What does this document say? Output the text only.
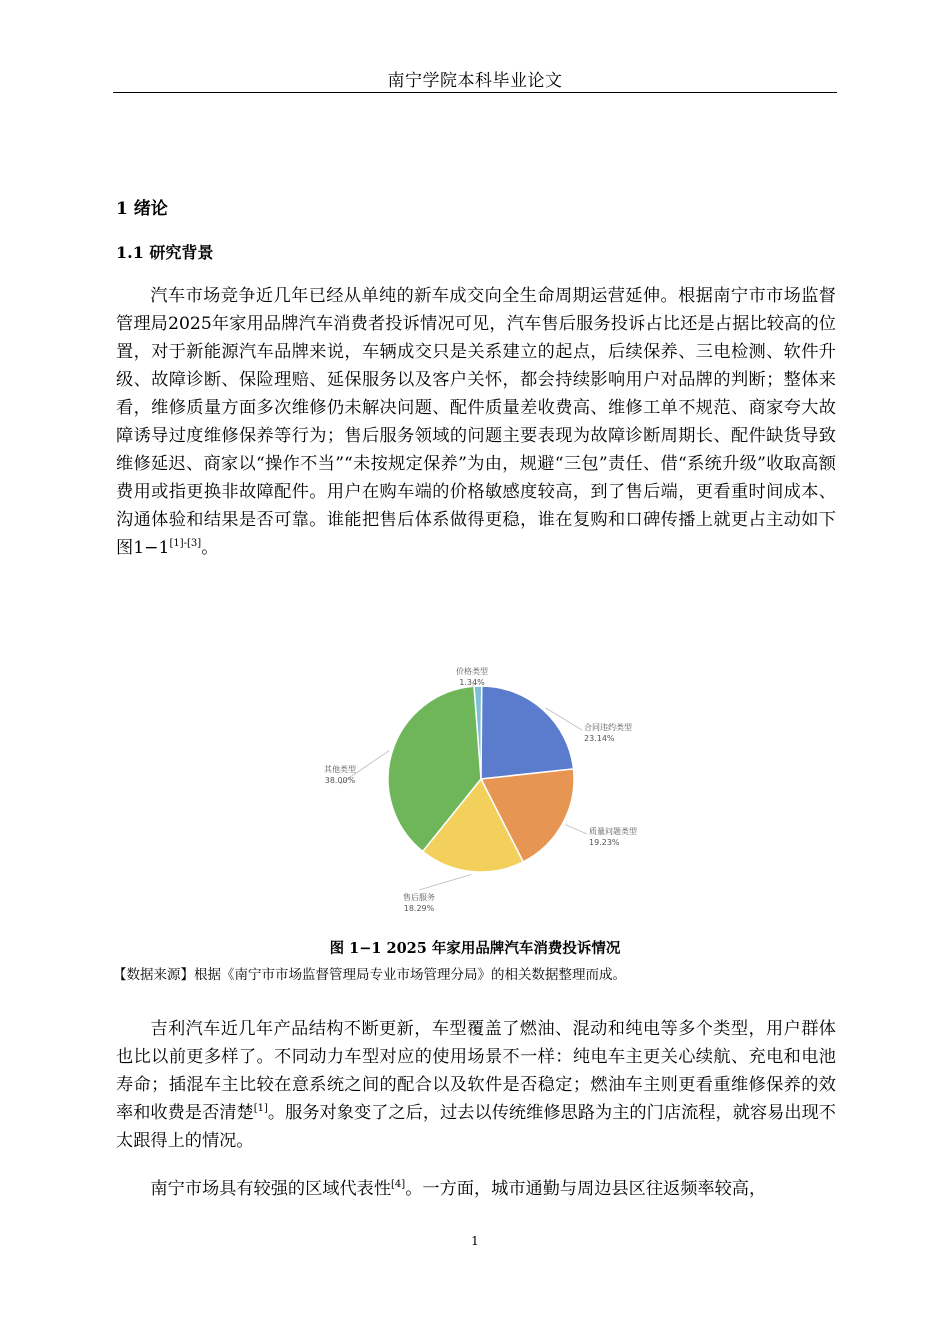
南宁学院本科毕业论文
1 绪论
1.1 研究背景
汽车市场竞争近几年已经从单纯的新车成交向全生命周期运营延伸。根据南宁市市场监督管理局2025年家用品牌汽车消费者投诉情况可见，汽车售后服务投诉占比还是占据比较高的位置，对于新能源汽车品牌来说，车辆成交只是关系建立的起点，后续保养、三电检测、软件升级、故障诊断、保险理赔、延保服务以及客户关怀，都会持续影响用户对品牌的判断；整体来看，维修质量方面多次维修仍未解决问题、配件质量差收费高、维修工单不规范、商家夸大故障诱导过度维修保养等行为；售后服务领域的问题主要表现为故障诊断周期长、配件缺货导致维修延迟、商家以“操作不当”“未按规定保养”为由，规避“三包”责任、借“系统升级”收取高额费用或指更换非故障配件。用户在购车端的价格敏感度较高，到了售后端，更看重时间成本、沟通体验和结果是否可靠。谁能把售后体系做得更稳，谁在复购和口碑传播上就更占主动如下图1−1[1]-[3]。
价格类型
1.34%
合同违约类型
23.14%
质量问题类型
19.23%
售后服务
18.29%
其他类型
38.00%
图 1−1 2025 年家用品牌汽车消费投诉情况
【数据来源】根据《南宁市市场监督管理局专业市场管理分局》的相关数据整理而成。
吉利汽车近几年产品结构不断更新，车型覆盖了燃油、混动和纯电等多个类型，用户群体也比以前更多样了。不同动力车型对应的使用场景不一样：纯电车主更关心续航、充电和电池寿命；插混车主比较在意系统之间的配合以及软件是否稳定；燃油车主则更看重维修保养的效率和收费是否清楚[1]。服务对象变了之后，过去以传统维修思路为主的门店流程，就容易出现不太跟得上的情况。
南宁市场具有较强的区域代表性[4]。一方面，城市通勤与周边县区往返频率较高，
1
